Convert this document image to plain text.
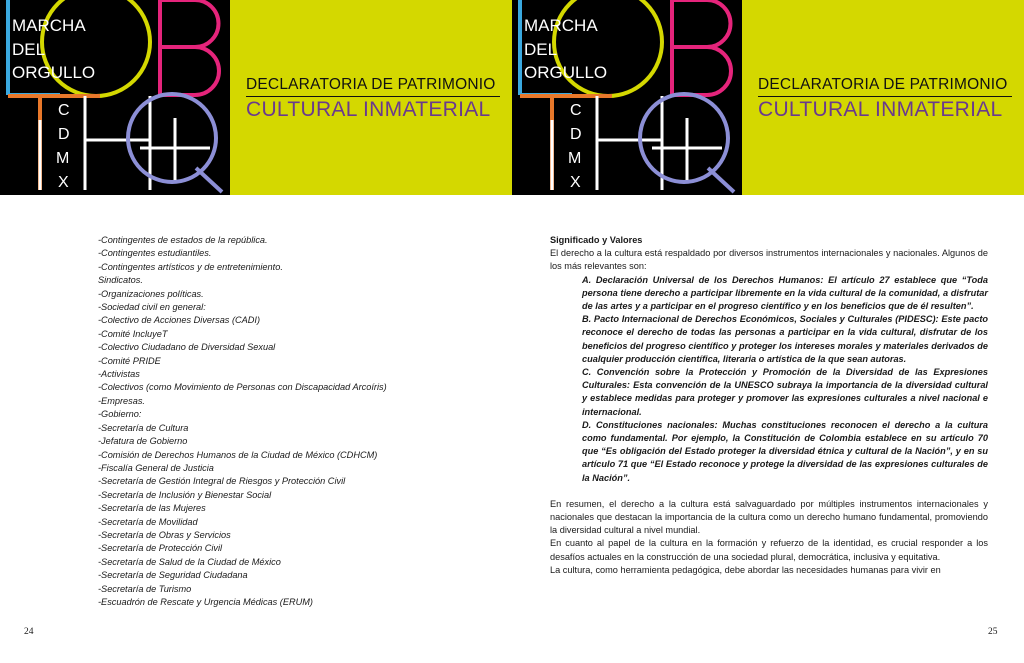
MARCHA
DEL
ORGULLO
C
D
M
X
DECLARATORIA DE PATRIMONIO
CULTURAL INMATERIAL
-Contingentes de estados de la república.
-Contingentes estudiantiles.
-Contingentes artísticos y de entretenimiento.
Sindicatos.
-Organizaciones políticas.
-Sociedad civil en general:
-Colectivo de Acciones Diversas (CADI)
-Comité IncluyeT
-Colectivo Ciudadano de Diversidad Sexual
-Comité PRIDE
-Activistas
-Colectivos (como Movimiento de Personas con Discapacidad Arcoíris)
-Empresas.
-Gobierno:
-Secretaría de Cultura
-Jefatura de Gobierno
-Comisión de Derechos Humanos de la Ciudad de México (CDHCM)
-Fiscalía General de Justicia
-Secretaría de Gestión Integral de Riesgos y Protección Civil
-Secretaría de Inclusión y Bienestar Social
-Secretaría de las Mujeres
-Secretaría de Movilidad
-Secretaría de Obras y Servicios
-Secretaría de Protección Civil
-Secretaría de Salud de la Ciudad de México
-Secretaría de Seguridad Ciudadana
-Secretaría de Turismo
-Escuadrón de Rescate y Urgencia Médicas (ERUM)
24
MARCHA
DEL
ORGULLO
C
D
M
X
DECLARATORIA DE PATRIMONIO
CULTURAL INMATERIAL
Significado y Valores
El derecho a la cultura está respaldado por diversos instrumentos internacionales y nacionales. Algunos de los más relevantes son:
A. Declaración Universal de los Derechos Humanos: El artículo 27 establece que “Toda persona tiene derecho a participar libremente en la vida cultural de la comunidad, a disfrutar de las artes y a participar en el progreso científico y en los beneficios que de él resulten”.
B. Pacto Internacional de Derechos Económicos, Sociales y Culturales (PIDESC): Este pacto reconoce el derecho de todas las personas a participar en la vida cultural, disfrutar de los beneficios del progreso científico y proteger los intereses morales y materiales derivados de cualquier producción científica, literaria o artística de la que sean autoras.
C. Convención sobre la Protección y Promoción de la Diversidad de las Expresiones Culturales: Esta convención de la UNESCO subraya la importancia de la diversidad cultural y establece medidas para proteger y promover las expresiones culturales a nivel nacional e internacional.
D. Constituciones nacionales: Muchas constituciones reconocen el derecho a la cultura como fundamental. Por ejemplo, la Constitución de Colombia establece en su artículo 70 que “Es obligación del Estado proteger la diversidad étnica y cultural de la Nación”, y en su artículo 71 que “El Estado reconoce y protege la diversidad de las expresiones culturales de la Nación”.
En resumen, el derecho a la cultura está salvaguardado por múltiples instrumentos internacionales y nacionales que destacan la importancia de la cultura como un derecho humano fundamental, promoviendo la diversidad cultural a nivel mundial.
En cuanto al papel de la cultura en la formación y refuerzo de la identidad, es crucial responder a los desafíos actuales en la construcción de una sociedad plural, democrática, inclusiva y equitativa.
La cultura, como herramienta pedagógica, debe abordar las necesidades humanas para vivir en
25
